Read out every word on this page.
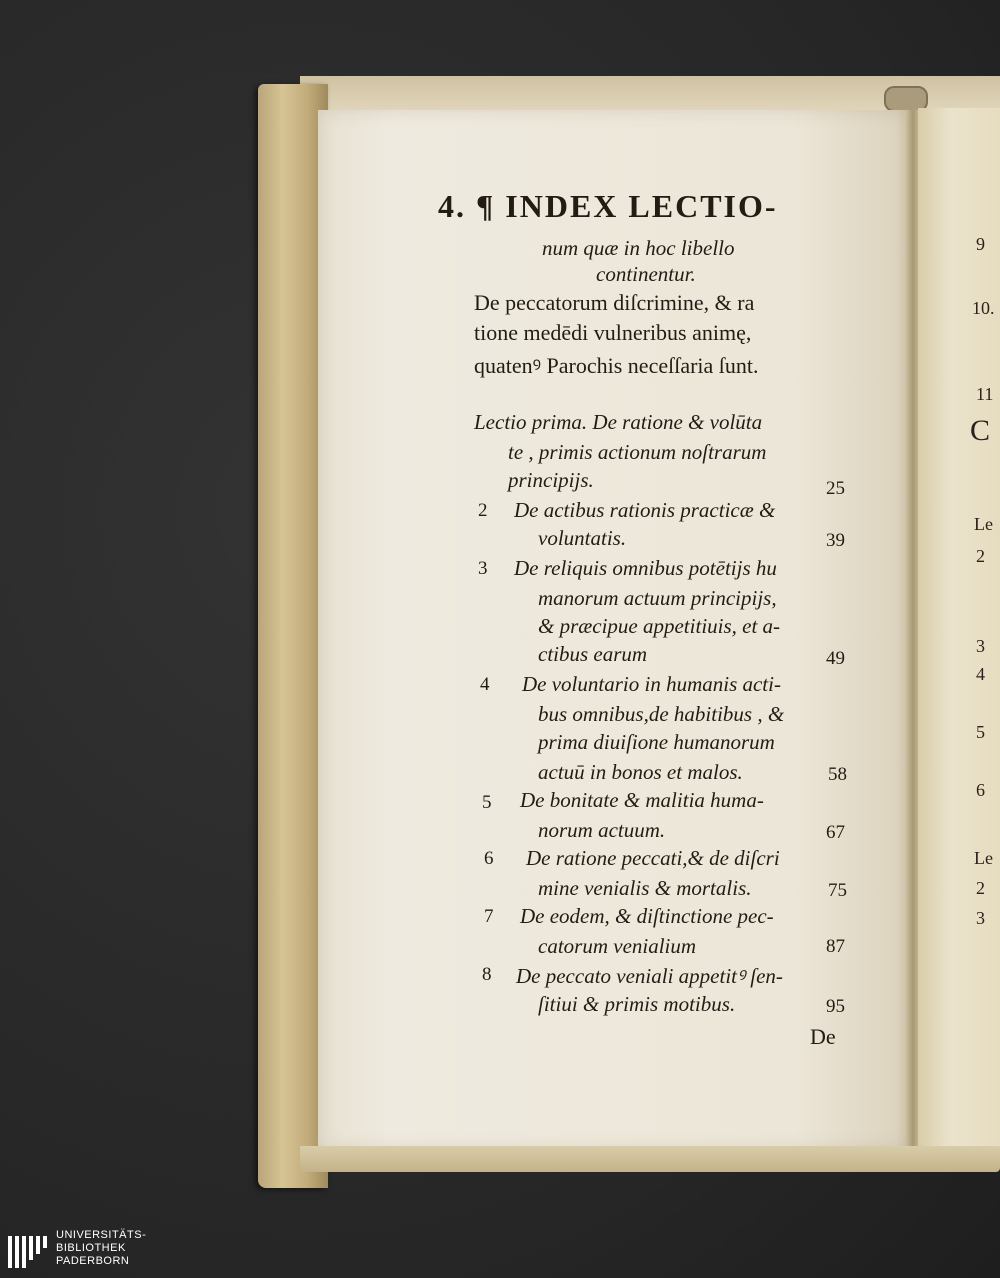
4. ¶ INDEX LECTIO-
num quæ in hoc libello
continentur.
De peccatorum diſcrimine, & ra
tione medēdi vulneribus animę,
quatenꝰ Parochis neceſſaria ſunt.
Lectio prima. De ratione & volūta
te , primis actionum noſtrarum
principijs.	25
2 De actibus rationis practicæ &
voluntatis.	39
3 De reliquis omnibus potētijs hu
manorum actuum principijs,
& præcipue appetitiuis, et a-
ctibus earum	49
4 De voluntario in humanis acti-
bus omnibus,de habitibus , &
prima diuiſione humanorum
actuū in bonos et malos.	58
5 De bonitate & malitia huma-
norum actuum.	67
6 De ratione peccati,& de diſcri
mine venialis & mortalis.	75
7 De eodem, & diſtinctione pec-
catorum venialium	87
8 De peccato veniali appetitꝰ ſen-
ſitiui & primis motibus.	95
De
9
10.
11
C
Le
2
3
4
5
6
Le
2
3
UNIVERSITÄTS-
BIBLIOTHEK
PADERBORN
